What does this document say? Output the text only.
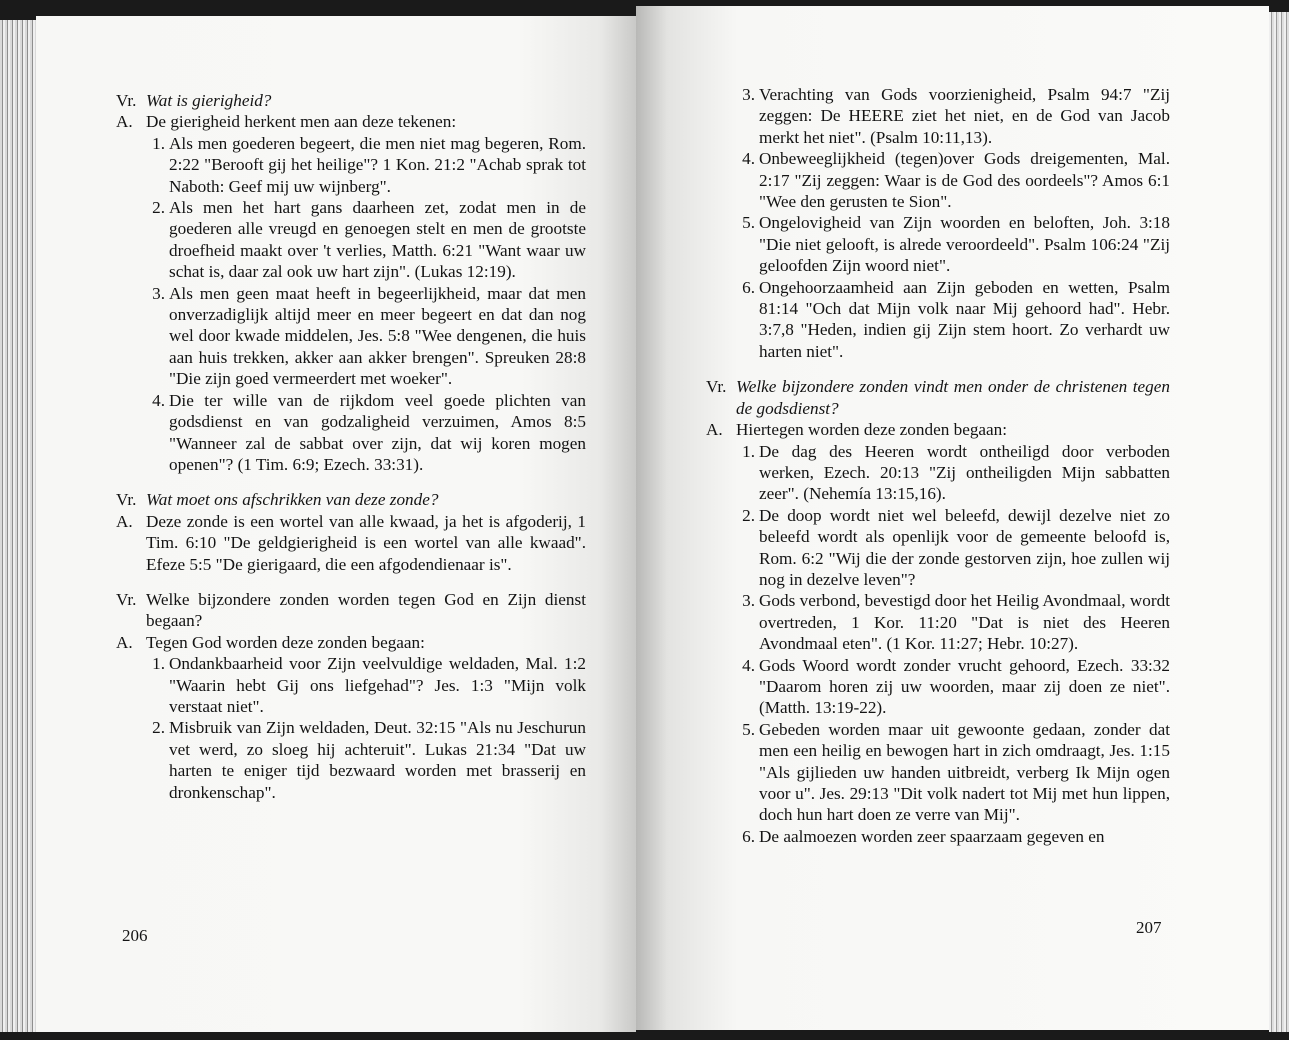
Vr. Wat is gierigheid?
A. De gierigheid herkent men aan deze tekenen:
1. Als men goederen begeert, die men niet mag begeren, Rom. 2:22 "Berooft gij het heilige"? 1 Kon. 21:2 "Achab sprak tot Naboth: Geef mij uw wijnberg".
2. Als men het hart gans daarheen zet, zodat men in de goederen alle vreugd en genoegen stelt en men de grootste droefheid maakt over 't verlies, Matth. 6:21 "Want waar uw schat is, daar zal ook uw hart zijn". (Lukas 12:19).
3. Als men geen maat heeft in begeerlijkheid, maar dat men onverzadiglijk altijd meer en meer begeert en dat dan nog wel door kwade middelen, Jes. 5:8 "Wee dengenen, die huis aan huis trekken, akker aan akker brengen". Spreuken 28:8 "Die zijn goed vermeerdert met woeker".
4. Die ter wille van de rijkdom veel goede plichten van godsdienst en van godzaligheid verzuimen, Amos 8:5 "Wanneer zal de sabbat over zijn, dat wij koren mogen openen"? (1 Tim. 6:9; Ezech. 33:31).
Vr. Wat moet ons afschrikken van deze zonde?
A. Deze zonde is een wortel van alle kwaad, ja het is afgoderij, 1 Tim. 6:10 "De geldgierigheid is een wortel van alle kwaad". Efeze 5:5 "De gierigaard, die een afgodendienaar is".
Vr. Welke bijzondere zonden worden tegen God en Zijn dienst begaan?
A. Tegen God worden deze zonden begaan:
1. Ondankbaarheid voor Zijn veelvuldige weldaden, Mal. 1:2 "Waarin hebt Gij ons liefgehad"? Jes. 1:3 "Mijn volk verstaat niet".
2. Misbruik van Zijn weldaden, Deut. 32:15 "Als nu Jeschurun vet werd, zo sloeg hij achteruit". Lukas 21:34 "Dat uw harten te eniger tijd bezwaard worden met brasserij en dronkenschap".
206
3. Verachting van Gods voorzienigheid, Psalm 94:7 "Zij zeggen: De HEERE ziet het niet, en de God van Jacob merkt het niet". (Psalm 10:11,13).
4. Onbeweeglijkheid (tegen)over Gods dreigementen, Mal. 2:17 "Zij zeggen: Waar is de God des oordeels"? Amos 6:1 "Wee den gerusten te Sion".
5. Ongelovigheid van Zijn woorden en beloften, Joh. 3:18 "Die niet gelooft, is alrede veroordeeld". Psalm 106:24 "Zij geloofden Zijn woord niet".
6. Ongehoorzaamheid aan Zijn geboden en wetten, Psalm 81:14 "Och dat Mijn volk naar Mij gehoord had". Hebr. 3:7,8 "Heden, indien gij Zijn stem hoort. Zo verhardt uw harten niet".
Vr. Welke bijzondere zonden vindt men onder de christenen tegen de godsdienst?
A. Hiertegen worden deze zonden begaan:
1. De dag des Heeren wordt ontheiligd door verboden werken, Ezech. 20:13 "Zij ontheiligden Mijn sabbatten zeer". (Nehemía 13:15,16).
2. De doop wordt niet wel beleefd, dewijl dezelve niet zo beleefd wordt als openlijk voor de gemeente beloofd is, Rom. 6:2 "Wij die der zonde gestorven zijn, hoe zullen wij nog in dezelve leven"?
3. Gods verbond, bevestigd door het Heilig Avondmaal, wordt overtreden, 1 Kor. 11:20 "Dat is niet des Heeren Avondmaal eten". (1 Kor. 11:27; Hebr. 10:27).
4. Gods Woord wordt zonder vrucht gehoord, Ezech. 33:32 "Daarom horen zij uw woorden, maar zij doen ze niet". (Matth. 13:19-22).
5. Gebeden worden maar uit gewoonte gedaan, zonder dat men een heilig en bewogen hart in zich omdraagt, Jes. 1:15 "Als gijlieden uw handen uitbreidt, verberg Ik Mijn ogen voor u". Jes. 29:13 "Dit volk nadert tot Mij met hun lippen, doch hun hart doen ze verre van Mij".
6. De aalmoezen worden zeer spaarzaam gegeven en
207
